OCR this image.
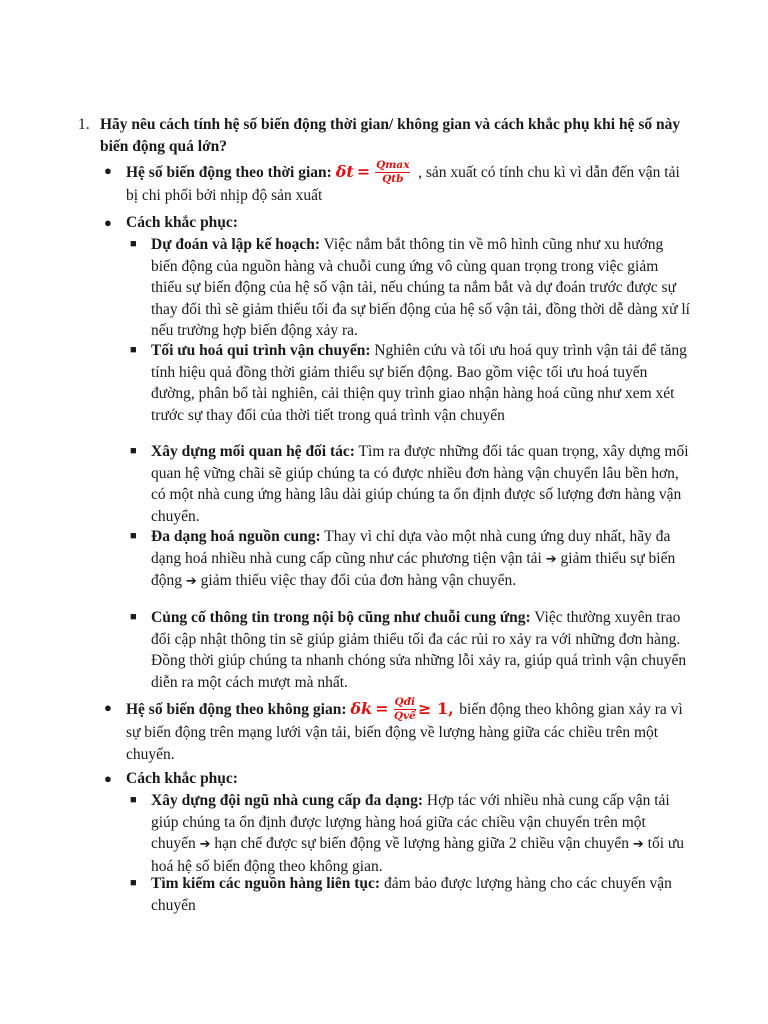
1. Hãy nêu cách tính hệ số biến động thời gian/ không gian và cách khắc phụ khi hệ số này biến động quá lớn?
● Hệ số biến động theo thời gian: $\delta t = \frac{Qmax}{\text{Qtb}}$ , sản xuất có tính chu kì vì dẫn đến vận tải bị chi phối bởi nhịp độ sản xuất
● Cách khắc phục:
■ Dự đoán và lập kế hoạch: Việc nắm bắt thông tin về mô hình cũng như xu hướng biến động của nguồn hàng và chuỗi cung ứng vô cùng quan trọng trong việc giảm thiểu sự biến động của hệ số vận tải, nếu chúng ta nắm bắt và dự đoán trước được sự thay đổi thì sẽ giảm thiểu tối đa sự biến động của hệ số vận tải, đồng thời dễ dàng xử lí nếu trường hợp biến động xảy ra.
■ Tối ưu hoá qui trình vận chuyển: Nghiên cứu và tối ưu hoá quy trình vận tải để tăng tính hiệu quả đồng thời giảm thiểu sự biến động. Bao gồm việc tối ưu hoá tuyến đường, phân bổ tài nghiên, cải thiện quy trình giao nhận hàng hoá cũng như xem xét trước sự thay đổi của thời tiết trong quá trình vận chuyển
■ Xây dựng mối quan hệ đối tác: Tìm ra được những đối tác quan trọng, xây dựng mối quan hệ vững chãi sẽ giúp chúng ta có được nhiều đơn hàng vận chuyển lâu bền hơn, có một nhà cung ứng hàng lâu dài giúp chúng ta ổn định được số lượng đơn hàng vận chuyển.
■ Đa dạng hoá nguồn cung: Thay vì chỉ dựa vào một nhà cung ứng duy nhất, hãy đa dạng hoá nhiều nhà cung cấp cũng như các phương tiện vận tải ➔ giảm thiểu sự biến động ➔ giảm thiểu việc thay đổi của đơn hàng vận chuyển.
■ Củng cố thông tin trong nội bộ cũng như chuỗi cung ứng: Việc thường xuyên trao đổi cập nhật thông tin sẽ giúp giảm thiểu tối đa các rủi ro xảy ra với những đơn hàng. Đồng thời giúp chúng ta nhanh chóng sửa những lỗi xảy ra, giúp quá trình vận chuyển diễn ra một cách mượt mà nhất.
● Hệ số biến động theo không gian: $\delta k = \frac{\text{Qđi}}{\text{Qvề}} \ge 1$, biến động theo không gian xảy ra vì sự biến động trên mạng lưới vận tải, biến động về lượng hàng giữa các chiều trên một chuyến.
● Cách khắc phục:
■ Xây dựng đội ngũ nhà cung cấp đa dạng: Hợp tác với nhiều nhà cung cấp vận tải giúp chúng ta ổn định được lượng hàng hoá giữa các chiều vận chuyển trên một chuyến ➔ hạn chế được sự biến động về lượng hàng giữa 2 chiều vận chuyển ➔ tối ưu hoá hệ số biến động theo không gian.
■ Tìm kiếm các nguồn hàng liên tục: đảm bảo được lượng hàng cho các chuyến vận chuyển
